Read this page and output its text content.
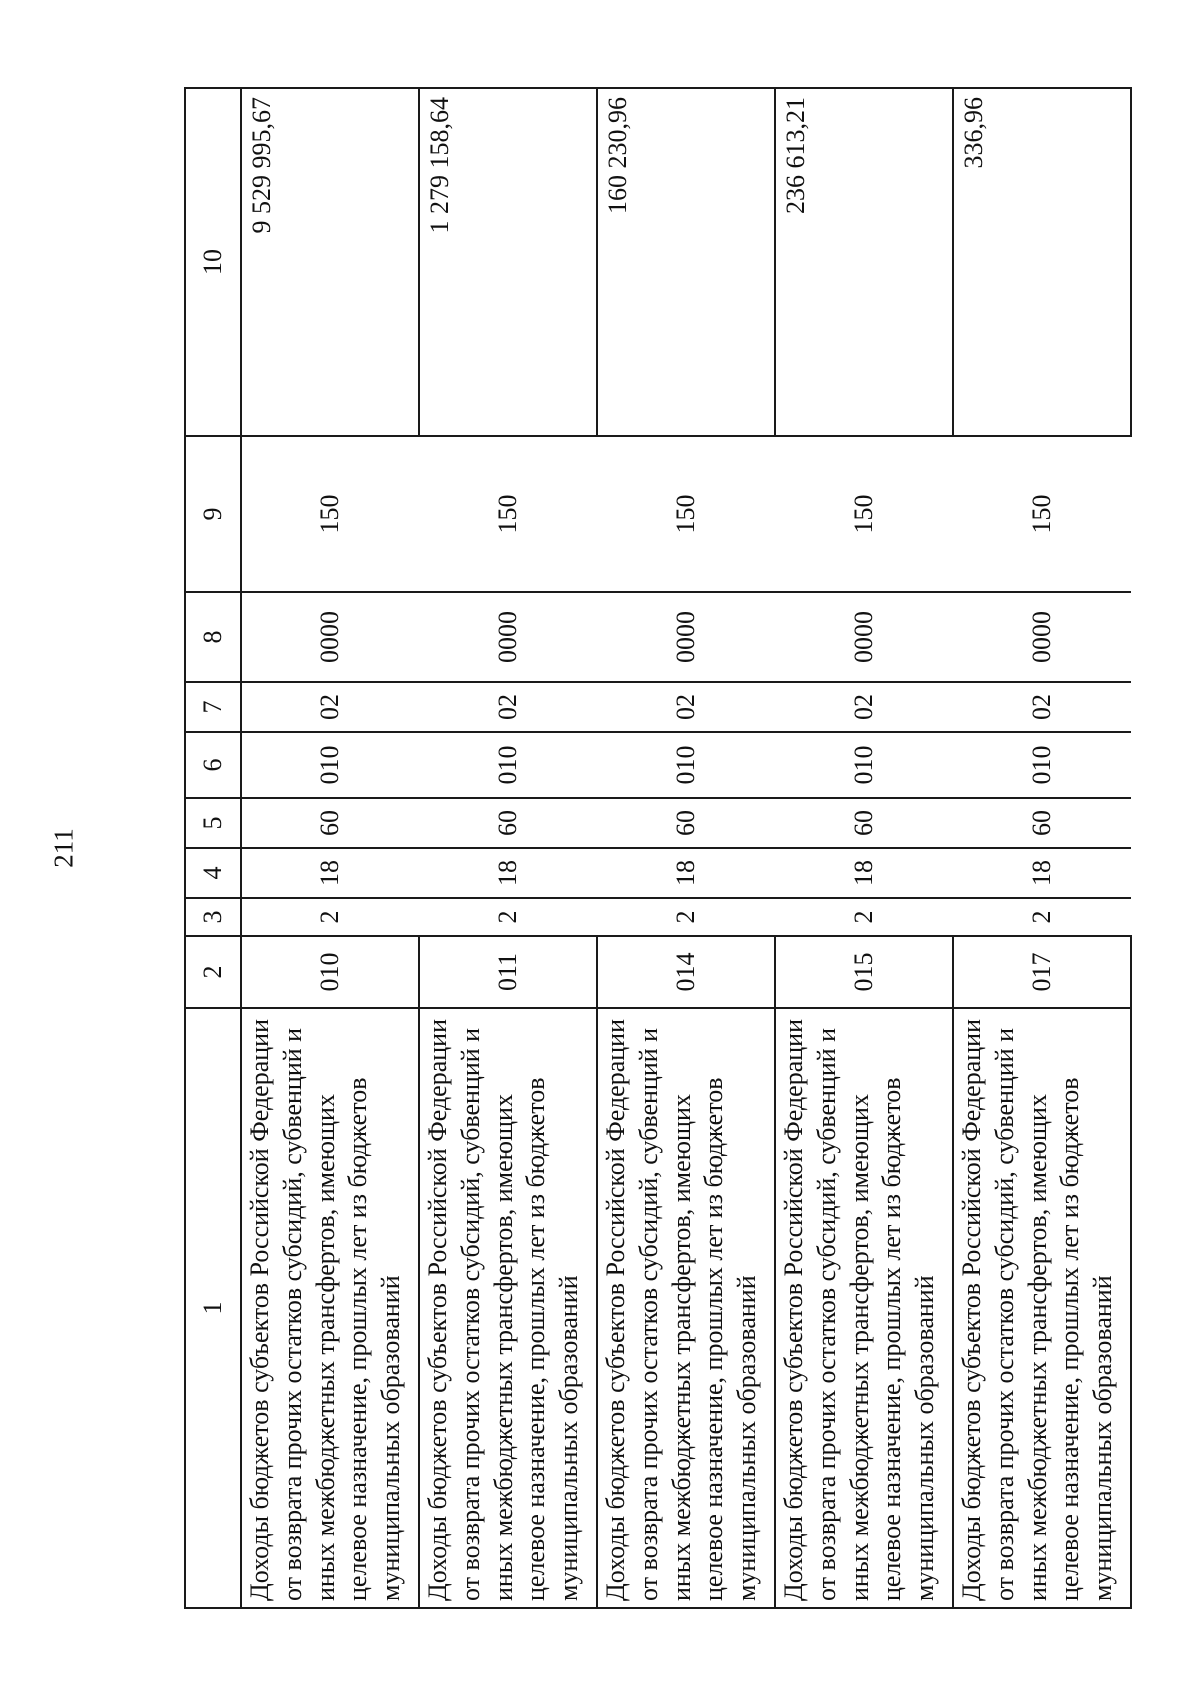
211
1	2	3	4	5	6	7	8	9	10
Доходы бюджетов субъектов Российской Федерации от возврата прочих остатков субсидий, субвенций и иных межбюджетных трансфертов, имеющих целевое назначение, прошлых лет из бюджетов муниципальных образований	010	2	18	60	010	02	0000	150	9 529 995,67
Доходы бюджетов субъектов Российской Федерации от возврата прочих остатков субсидий, субвенций и иных межбюджетных трансфертов, имеющих целевое назначение, прошлых лет из бюджетов муниципальных образований	011	2	18	60	010	02	0000	150	1 279 158,64
Доходы бюджетов субъектов Российской Федерации от возврата прочих остатков субсидий, субвенций и иных межбюджетных трансфертов, имеющих целевое назначение, прошлых лет из бюджетов муниципальных образований	014	2	18	60	010	02	0000	150	160 230,96
Доходы бюджетов субъектов Российской Федерации от возврата прочих остатков субсидий, субвенций и иных межбюджетных трансфертов, имеющих целевое назначение, прошлых лет из бюджетов муниципальных образований	015	2	18	60	010	02	0000	150	236 613,21
Доходы бюджетов субъектов Российской Федерации от возврата прочих остатков субсидий, субвенций и иных межбюджетных трансфертов, имеющих целевое назначение, прошлых лет из бюджетов муниципальных образований	017	2	18	60	010	02	0000	150	336,96
